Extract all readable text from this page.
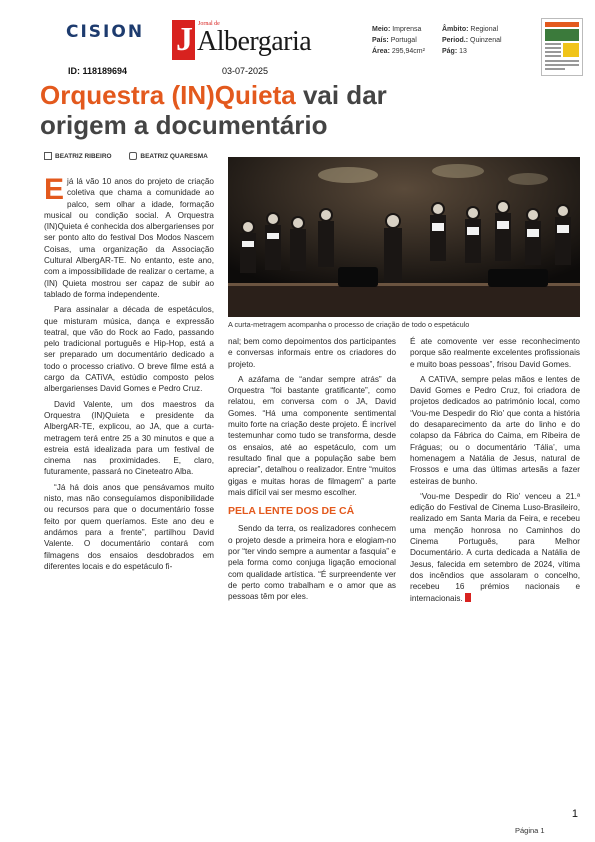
CISION J Jornal de
Albergaria	Meio: Imprensa
País: Portugal
Área: 295,94cm²
Âmbito: Regional
Period.: Quinzenal
Pág: 13
ID: 118189694	03-07-2025
Orquestra (IN)Quieta vai dar origem a documentário
BEATRIZ RIBEIRO	BEATRIZ QUARESMA
A curta-metragem acompanha o processo de criação de todo o espetáculo

Ejá lá vão 10 anos do projeto de criação coletiva que chama a comunidade ao palco, sem olhar a idade, formação musical ou condição social. A Orquestra (IN)Quieta é conhecida dos albergarienses por ser ponto alto do festival Dos Modos Nascem Coisas, uma organização da Associação Cultural AlbergAR-TE. No entanto, este ano, com a impossibilidade de realizar o certame, a (IN) Quieta mostrou ser capaz de subir ao tablado de forma independente.

Para assinalar a década de espetáculos, que misturam música, dança e expressão teatral, que vão do Rock ao Fado, passando pelo tradicional português e Hip-Hop, está a ser preparado um documentário dedicado a todo o processo criativo. O breve filme está a cargo da CATiVA, estúdio composto pelos albergarienses David Gomes e Pedro Cruz.

David Valente, um dos maestros da Orquestra (IN)Quieta e presidente da AlbergAR-TE, explicou, ao JA, que a curta-metragem terá entre 25 a 30 minutos e que a estreia está idealizada para um festival de cinema nas proximidades. E, claro, futuramente, passará no Cineteatro Alba.

“Já há dois anos que pensávamos muito nisto, mas não conseguíamos disponibilidade ou recursos para que o documentário fosse feito por quem queríamos. Este ano deu e andámos para a frente”, partilhou David Valente. O documentário contará com filmagens dos ensaios desdobrados em diferentes locais e do espetáculo fi-

nal; bem como depoimentos dos participantes e conversas informais entre os criadores do projeto.

A azáfama de “andar sempre atrás” da Orquestra “foi bastante gratificante”, como relatou, em conversa com o JA, David Gomes. “Há uma componente sentimental muito forte na criação deste projeto. É incrível testemunhar como tudo se transforma, desde os ensaios, até ao espetáculo, com um resultado final que a população sabe bem apreciar”, detalhou o realizador. Entre “muitos gigas e muitas horas de filmagem” a parte mais difícil vai ser mesmo escolher.

PELA LENTE DOS DE CÁ

Sendo da terra, os realizadores conhecem o projeto desde a primeira hora e elogiam-no por “ter vindo sempre a aumentar a fasquia” e pela forma como conjuga ligação emocional com qualidade artística. “É surpreendente ver de perto como trabalham e o amor que as pessoas têm por eles.

É ate comovente ver esse reconhecimento porque são realmente excelentes profissionais e muito boas pessoas”, frisou David Gomes.

A CATiVA, sempre pelas mãos e lentes de David Gomes e Pedro Cruz, foi criadora de projetos dedicados ao património local, como ‘Vou-me Despedir do Rio’ que conta a história do desaparecimento da arte do linho e do colapso da Fábrica do Caima, em Ribeira de Fráguas; ou o documentário ‘Tália’, uma homenagem a Natália de Jesus, natural de Frossos e uma das últimas artesãs a fazer esteiras de bunho.

‘Vou-me Despedir do Rio’ venceu a 21.ª edição do Festival de Cinema Luso-Brasileiro, realizado em Santa Maria da Feira, e recebeu uma menção honrosa no Caminhos do Cinema Português, para Melhor Documentário. A curta dedicada a Natália de Jesus, falecida em setembro de 2024, vítima dos incêndios que assolaram o concelho, recebeu 16 prémios nacionais e internacionais.

1
Página 1
